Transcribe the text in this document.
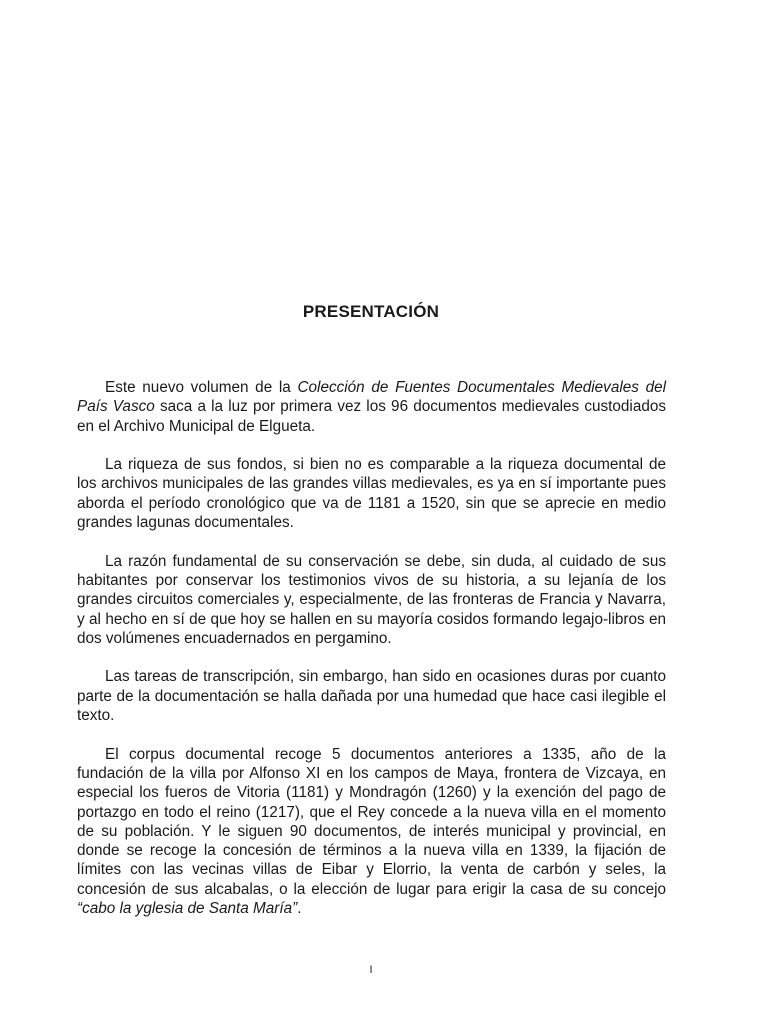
PRESENTACIÓN

Este nuevo volumen de la Colección de Fuentes Documentales Medievales del País Vasco saca a la luz por primera vez los 96 documentos medievales custodiados en el Archivo Municipal de Elgueta.

La riqueza de sus fondos, si bien no es comparable a la riqueza documental de los archivos municipales de las grandes villas medievales, es ya en sí importante pues aborda el período cronológico que va de 1181 a 1520, sin que se aprecie en medio grandes lagunas documentales.

La razón fundamental de su conservación se debe, sin duda, al cuidado de sus habitantes por conservar los testimonios vivos de su historia, a su lejanía de los grandes circuitos comerciales y, especialmente, de las fronteras de Francia y Navarra, y al hecho en sí de que hoy se hallen en su mayoría cosidos formando legajo-libros en dos volúmenes encuadernados en pergamino.

Las tareas de transcripción, sin embargo, han sido en ocasiones duras por cuanto parte de la documentación se halla dañada por una humedad que hace casi ilegible el texto.

El corpus documental recoge 5 documentos anteriores a 1335, año de la fundación de la villa por Alfonso XI en los campos de Maya, frontera de Vizcaya, en especial los fueros de Vitoria (1181) y Mondragón (1260) y la exención del pago de portazgo en todo el reino (1217), que el Rey concede a la nueva villa en el momento de su población. Y le siguen 90 documentos, de interés municipal y provincial, en donde se recoge la concesión de términos a la nueva villa en 1339, la fijación de límites con las vecinas villas de Eibar y Elorrio, la venta de carbón y seles, la concesión de sus alcabalas, o la elección de lugar para erigir la casa de su concejo “cabo la yglesia de Santa María”.

I
